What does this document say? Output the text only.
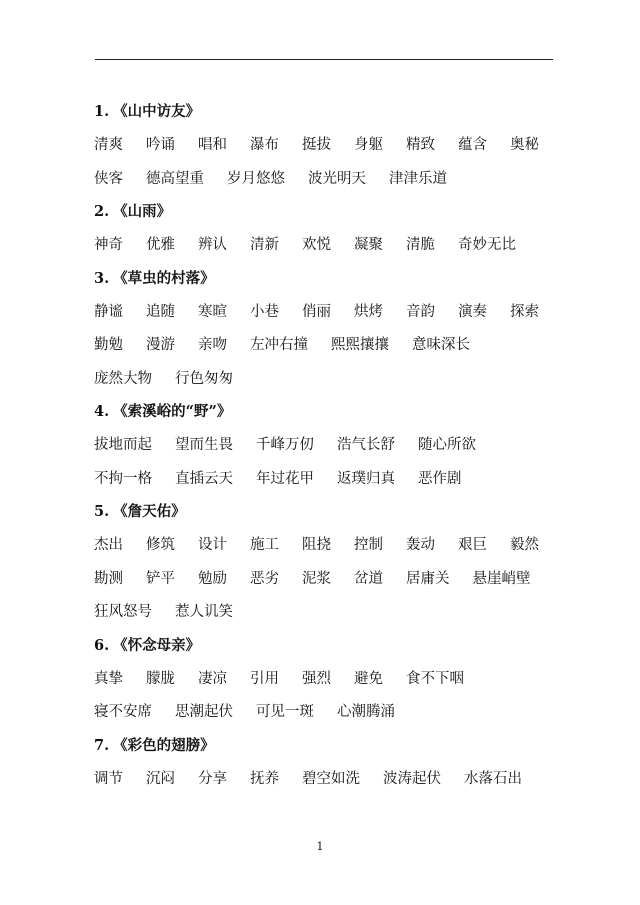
1. 《山中访友》
清爽 吟诵 唱和 瀑布 挺拔 身躯 精致 蕴含 奥秘
侠客 德高望重 岁月悠悠 波光明天 津津乐道
2. 《山雨》
神奇 优雅 辨认 清新 欢悦 凝聚 清脆 奇妙无比
3. 《草虫的村落》
静谧 追随 寒暄 小巷 俏丽 烘烤 音韵 演奏 探索
勤勉 漫游 亲吻 左冲右撞 熙熙攘攘 意味深长
庞然大物 行色匆匆
4. 《索溪峪的“野”》
拔地而起 望而生畏 千峰万仞 浩气长舒 随心所欲
不拘一格 直插云天 年过花甲 返璞归真 恶作剧
5. 《詹天佑》
杰出 修筑 设计 施工 阻挠 控制 轰动 艰巨 毅然
勘测 铲平 勉励 恶劣 泥浆 岔道 居庸关 悬崖峭壁
狂风怒号 惹人讥笑
6. 《怀念母亲》
真挚 朦胧 凄凉 引用 强烈 避免 食不下咽
寝不安席 思潮起伏 可见一斑 心潮腾涌
7. 《彩色的翅膀》
调节 沉闷 分享 抚养 碧空如洗 波涛起伏 水落石出
1
